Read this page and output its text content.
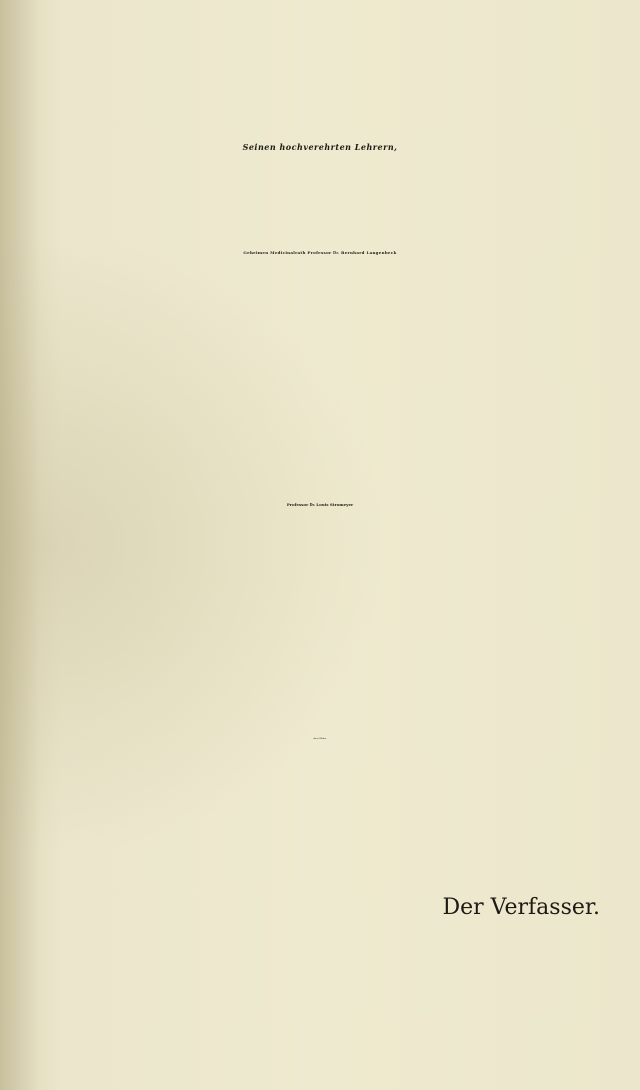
Seinen hochverehrten Lehrern,
Geheimen Medicinalrath Professor Dr. Bernhard Langenbeck
Professor Dr. Louis Stromeyer
diese Blätter
Der Verfasser.
